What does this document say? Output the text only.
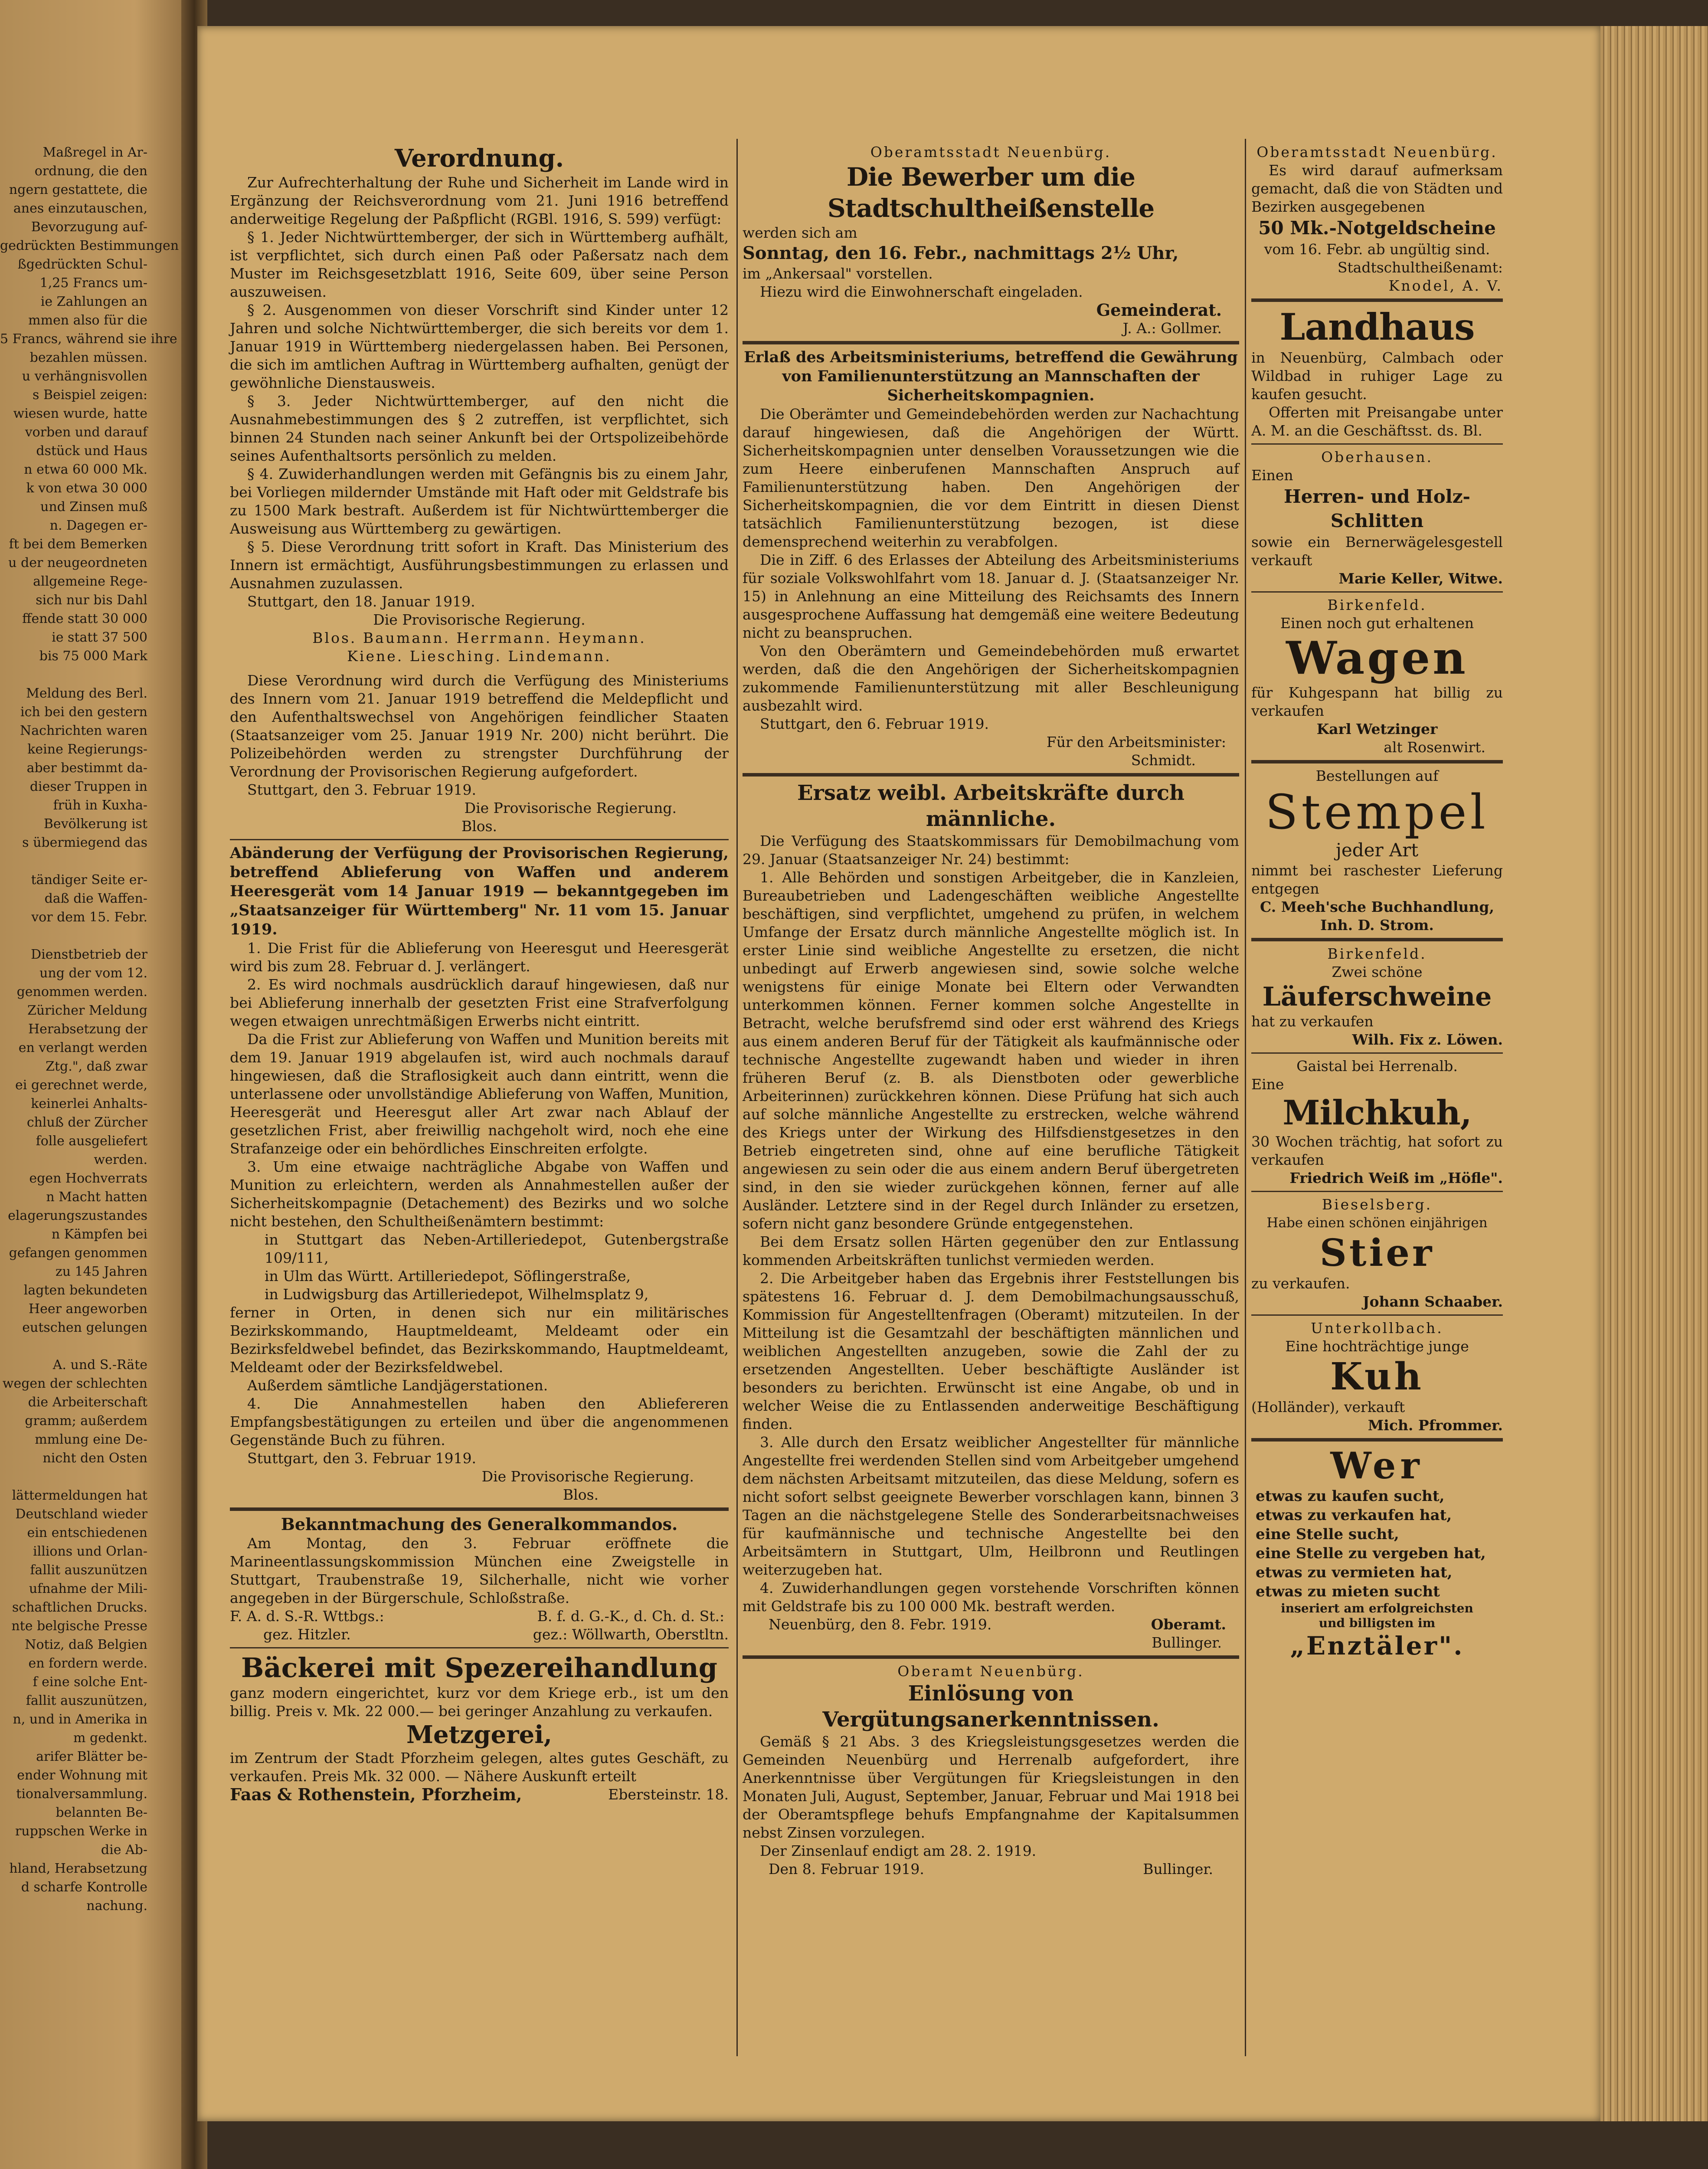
Maßregel in Ar-
ordnung, die den
ngern gestattete, die
anes einzutauschen,
Bevorzugung auf-
gedrückten Bestimmungen
ßgedrückten Schul-
1,25 Francs um-
ie Zahlungen an
mmen also für die
5 Francs, während sie ihre
bezahlen müssen.
u verhängnisvollen
s Beispiel zeigen:
wiesen wurde, hatte
vorben und darauf
dstück und Haus
n etwa 60 000 Mk.
k von etwa 30 000
und Zinsen muß
n. Dagegen er-
ft bei dem Bemerken
u der neugeordneten
allgemeine Rege-
sich nur bis Dahl
ffende statt 30 000
ie statt 37 500
bis 75 000 Mark

Meldung des Berl.
ich bei den gestern
Nachrichten waren
keine Regierungs-
aber bestimmt da-
dieser Truppen in
früh in Kuxha-
Bevölkerung ist
s übermiegend das

tändiger Seite er-
daß die Waffen-
vor dem 15. Febr.

Dienstbetrieb der
ung der vom 12.
genommen werden.
Züricher Meldung
Herabsetzung der
en verlangt werden
Ztg.", daß zwar
ei gerechnet werde,
keinerlei Anhalts-
chluß der Zürcher
folle ausgeliefert
werden.
egen Hochverrats
n Macht hatten
elagerungszustandes
n Kämpfen bei
gefangen genommen
zu 145 Jahren
lagten bekundeten
Heer angeworben
eutschen gelungen

A. und S.-Räte
wegen der schlechten
die Arbeiterschaft
gramm; außerdem
mmlung eine De-
nicht den Osten

lättermeldungen hat
Deutschland wieder
ein entschiedenen
illions und Orlan-
fallit auszunützen
ufnahme der Mili-
schaftlichen Drucks.
nte belgische Presse
Notiz, daß Belgien
en fordern werde.
f eine solche Ent-
fallit auszunützen,
n, und in Amerika in
m gedenkt.
arifer Blätter be-
ender Wohnung mit
tionalversammlung.
belannten Be-
ruppschen Werke in
die Ab-
hland, Herabsetzung
d scharfe Kontrolle
nachung.
Verordnung.

Zur Aufrechterhaltung der Ruhe und Sicherheit im Lande wird in Ergänzung der Reichsverordnung vom 21. Juni 1916 betreffend anderweitige Regelung der Paßpflicht (RGBl. 1916, S. 599) verfügt:

§ 1. Jeder Nichtwürttemberger, der sich in Württemberg aufhält, ist verpflichtet, sich durch einen Paß oder Paßersatz nach dem Muster im Reichsgesetzblatt 1916, Seite 609, über seine Person auszuweisen.

§ 2. Ausgenommen von dieser Vorschrift sind Kinder unter 12 Jahren und solche Nichtwürttemberger, die sich bereits vor dem 1. Januar 1919 in Württemberg niedergelassen haben. Bei Personen, die sich im amtlichen Auftrag in Württemberg aufhalten, genügt der gewöhnliche Dienstausweis.

§ 3. Jeder Nichtwürttemberger, auf den nicht die Ausnahmebestimmungen des § 2 zutreffen, ist verpflichtet, sich binnen 24 Stunden nach seiner Ankunft bei der Ortspolizeibehörde seines Aufenthaltsorts persönlich zu melden.

§ 4. Zuwiderhandlungen werden mit Gefängnis bis zu einem Jahr, bei Vorliegen mildernder Umstände mit Haft oder mit Geldstrafe bis zu 1500 Mark bestraft. Außerdem ist für Nichtwürttemberger die Ausweisung aus Württemberg zu gewärtigen.

§ 5. Diese Verordnung tritt sofort in Kraft. Das Ministerium des Innern ist ermächtigt, Ausführungsbestimmungen zu erlassen und Ausnahmen zuzulassen.

Stuttgart, den 18. Januar 1919.

Die Provisorische Regierung.

Blos. Baumann. Herrmann. Heymann.

Kiene. Liesching. Lindemann.

Diese Verordnung wird durch die Verfügung des Ministeriums des Innern vom 21. Januar 1919 betreffend die Meldepflicht und den Aufenthaltswechsel von Angehörigen feindlicher Staaten (Staatsanzeiger vom 25. Januar 1919 Nr. 200) nicht berührt. Die Polizeibehörden werden zu strengster Durchführung der Verordnung der Provisorischen Regierung aufgefordert.

Stuttgart, den 3. Februar 1919.

Die Provisorische Regierung.

Blos.

Abänderung der Verfügung der Provisorischen Regierung, betreffend Ablieferung von Waffen und anderem Heeresgerät vom 14 Januar 1919 — bekanntgegeben im „Staatsanzeiger für Württemberg" Nr. 11 vom 15. Januar 1919.

1. Die Frist für die Ablieferung von Heeresgut und Heeresgerät wird bis zum 28. Februar d. J. verlängert.

2. Es wird nochmals ausdrücklich darauf hingewiesen, daß nur bei Ablieferung innerhalb der gesetzten Frist eine Strafverfolgung wegen etwaigen unrechtmäßigen Erwerbs nicht eintritt.

Da die Frist zur Ablieferung von Waffen und Munition bereits mit dem 19. Januar 1919 abgelaufen ist, wird auch nochmals darauf hingewiesen, daß die Straflosigkeit auch dann eintritt, wenn die unterlassene oder unvollständige Ablieferung von Waffen, Munition, Heeresgerät und Heeresgut aller Art zwar nach Ablauf der gesetzlichen Frist, aber freiwillig nachgeholt wird, noch ehe eine Strafanzeige oder ein behördliches Einschreiten erfolgte.

3. Um eine etwaige nachträgliche Abgabe von Waffen und Munition zu erleichtern, werden als Annahmestellen außer der Sicherheitskompagnie (Detachement) des Bezirks und wo solche nicht bestehen, den Schultheißenämtern bestimmt:

in Stuttgart das Neben-Artilleriedepot, Gutenbergstraße 109/111,

in Ulm das Württ. Artilleriedepot, Söflingerstraße,

in Ludwigsburg das Artilleriedepot, Wilhelmsplatz 9,

ferner in Orten, in denen sich nur ein militärisches Bezirkskommando, Hauptmeldeamt, Meldeamt oder ein Bezirksfeldwebel befindet, das Bezirkskommando, Hauptmeldeamt, Meldeamt oder der Bezirksfeldwebel.

Außerdem sämtliche Landjägerstationen.

4. Die Annahmestellen haben den Abliefereren Empfangsbestätigungen zu erteilen und über die angenommenen Gegenstände Buch zu führen.

Stuttgart, den 3. Februar 1919.

Die Provisorische Regierung.

Blos.

Bekanntmachung des Generalkommandos.

Am Montag, den 3. Februar eröffnete die Marineentlassungskommission München eine Zweigstelle in Stuttgart, Traubenstraße 19, Silcherhalle, nicht wie vorher angegeben in der Bürgerschule, Schloßstraße.

F. A. d. S.-R. Wttbgs.:

gez. Hitzler.

B. f. d. G.-K., d. Ch. d. St.:

gez.: Wöllwarth, Oberstltn.

Bäckerei mit Spezereihandlung

ganz modern eingerichtet, kurz vor dem Kriege erb., ist um den billig. Preis v. Mk. 22 000.— bei geringer Anzahlung zu verkaufen.

Metzgerei,

im Zentrum der Stadt Pforzheim gelegen, altes gutes Geschäft, zu verkaufen. Preis Mk. 32 000. — Nähere Auskunft erteilt

Faas & Rothenstein, Pforzheim,	Ebersteinstr. 18.

Oberamtsstadt Neuenbürg.

Die Bewerber um die Stadtschultheißenstelle

werden sich am

Sonntag, den 16. Febr., nachmittags 2½ Uhr,

im „Ankersaal" vorstellen.

Hiezu wird die Einwohnerschaft eingeladen.

Gemeinderat.

J. A.: Gollmer.

Erlaß des Arbeitsministeriums, betreffend die Gewährung von Familienunterstützung an Mannschaften der Sicherheitskompagnien.

Die Oberämter und Gemeindebehörden werden zur Nachachtung darauf hingewiesen, daß die Angehörigen der Württ. Sicherheitskompagnien unter denselben Voraussetzungen wie die zum Heere einberufenen Mannschaften Anspruch auf Familienunterstützung haben. Den Angehörigen der Sicherheitskompagnien, die vor dem Eintritt in diesen Dienst tatsächlich Familienunterstützung bezogen, ist diese demensprechend weiterhin zu verabfolgen.

Die in Ziff. 6 des Erlasses der Abteilung des Arbeitsministeriums für soziale Volkswohlfahrt vom 18. Januar d. J. (Staatsanzeiger Nr. 15) in Anlehnung an eine Mitteilung des Reichsamts des Innern ausgesprochene Auffassung hat demgemäß eine weitere Bedeutung nicht zu beanspruchen.

Von den Oberämtern und Gemeindebehörden muß erwartet werden, daß die den Angehörigen der Sicherheitskompagnien zukommende Familienunterstützung mit aller Beschleunigung ausbezahlt wird.

Stuttgart, den 6. Februar 1919.

Für den Arbeitsminister:

Schmidt.

Ersatz weibl. Arbeitskräfte durch männliche.

Die Verfügung des Staatskommissars für Demobilmachung vom 29. Januar (Staatsanzeiger Nr. 24) bestimmt:

1. Alle Behörden und sonstigen Arbeitgeber, die in Kanzleien, Bureaubetrieben und Ladengeschäften weibliche Angestellte beschäftigen, sind verpflichtet, umgehend zu prüfen, in welchem Umfange der Ersatz durch männliche Angestellte möglich ist. In erster Linie sind weibliche Angestellte zu ersetzen, die nicht unbedingt auf Erwerb angewiesen sind, sowie solche welche wenigstens für einige Monate bei Eltern oder Verwandten unterkommen können. Ferner kommen solche Angestellte in Betracht, welche berufsfremd sind oder erst während des Kriegs aus einem anderen Beruf für der Tätigkeit als kaufmännische oder technische Angestellte zugewandt haben und wieder in ihren früheren Beruf (z. B. als Dienstboten oder gewerbliche Arbeiterinnen) zurückkehren können. Diese Prüfung hat sich auch auf solche männliche Angestellte zu erstrecken, welche während des Kriegs unter der Wirkung des Hilfsdienstgesetzes in den Betrieb eingetreten sind, ohne auf eine berufliche Tätigkeit angewiesen zu sein oder die aus einem andern Beruf übergetreten sind, in den sie wieder zurückgehen können, ferner auf alle Ausländer. Letztere sind in der Regel durch Inländer zu ersetzen, sofern nicht ganz besondere Gründe entgegenstehen.

Bei dem Ersatz sollen Härten gegenüber den zur Entlassung kommenden Arbeitskräften tunlichst vermieden werden.

2. Die Arbeitgeber haben das Ergebnis ihrer Feststellungen bis spätestens 16. Februar d. J. dem Demobilmachungsausschuß, Kommission für Angestelltenfragen (Oberamt) mitzuteilen. In der Mitteilung ist die Gesamtzahl der beschäftigten männlichen und weiblichen Angestellten anzugeben, sowie die Zahl der zu ersetzenden Angestellten. Ueber beschäftigte Ausländer ist besonders zu berichten. Erwünscht ist eine Angabe, ob und in welcher Weise die zu Entlassenden anderweitige Beschäftigung finden.

3. Alle durch den Ersatz weiblicher Angestellter für männliche Angestellte frei werdenden Stellen sind vom Arbeitgeber umgehend dem nächsten Arbeitsamt mitzuteilen, das diese Meldung, sofern es nicht sofort selbst geeignete Bewerber vorschlagen kann, binnen 3 Tagen an die nächstgelegene Stelle des Sonderarbeitsnachweises für kaufmännische und technische Angestellte bei den Arbeitsämtern in Stuttgart, Ulm, Heilbronn und Reutlingen weiterzugeben hat.

4. Zuwiderhandlungen gegen vorstehende Vorschriften können mit Geldstrafe bis zu 100 000 Mk. bestraft werden.

Neuenbürg, den 8. Febr. 1919.	Oberamt.

Bullinger.

Oberamt Neuenbürg.

Einlösung von Vergütungsanerkenntnissen.

Gemäß § 21 Abs. 3 des Kriegsleistungsgesetzes werden die Gemeinden Neuenbürg und Herrenalb aufgefordert, ihre Anerkenntnisse über Vergütungen für Kriegsleistungen in den Monaten Juli, August, September, Januar, Februar und Mai 1918 bei der Oberamtspflege behufs Empfangnahme der Kapitalsummen nebst Zinsen vorzulegen.

Der Zinsenlauf endigt am 28. 2. 1919.

Den 8. Februar 1919.	Bullinger.

Oberamtsstadt Neuenbürg.

Es wird darauf aufmerksam gemacht, daß die von Städten und Bezirken ausgegebenen

50 Mk.-Notgeldscheine

vom 16. Febr. ab ungültig sind.

Stadtschultheißenamt:

Knodel, A. V.

Landhaus

in Neuenbürg, Calmbach oder Wildbad in ruhiger Lage zu kaufen gesucht.

Offerten mit Preisangabe unter A. M. an die Geschäftsst. ds. Bl.

Oberhausen.

Einen

Herren- und Holz-Schlitten

sowie ein Bernerwägelesgestell verkauft

Marie Keller, Witwe.

Birkenfeld.

Einen noch gut erhaltenen

Wagen

für Kuhgespann hat billig zu verkaufen

Karl Wetzinger

alt Rosenwirt.

Bestellungen auf

Stempel

jeder Art

nimmt bei raschester Lieferung entgegen

C. Meeh'sche Buchhandlung,

Inh. D. Strom.

Birkenfeld.

Zwei schöne

Läuferschweine

hat zu verkaufen

Wilh. Fix z. Löwen.

Gaistal bei Herrenalb.

Eine

Milchkuh,

30 Wochen trächtig, hat sofort zu verkaufen

Friedrich Weiß im „Höfle".

Bieselsberg.

Habe einen schönen einjährigen

Stier

zu verkaufen.

Johann Schaaber.

Unterkollbach.

Eine hochträchtige junge

Kuh

(Holländer), verkauft

Mich. Pfrommer.

Wer

etwas zu kaufen sucht,
etwas zu verkaufen hat,
eine Stelle sucht,
eine Stelle zu vergeben hat,
etwas zu vermieten hat,
etwas zu mieten sucht

inseriert am erfolgreichsten und billigsten im

„Enztäler".
